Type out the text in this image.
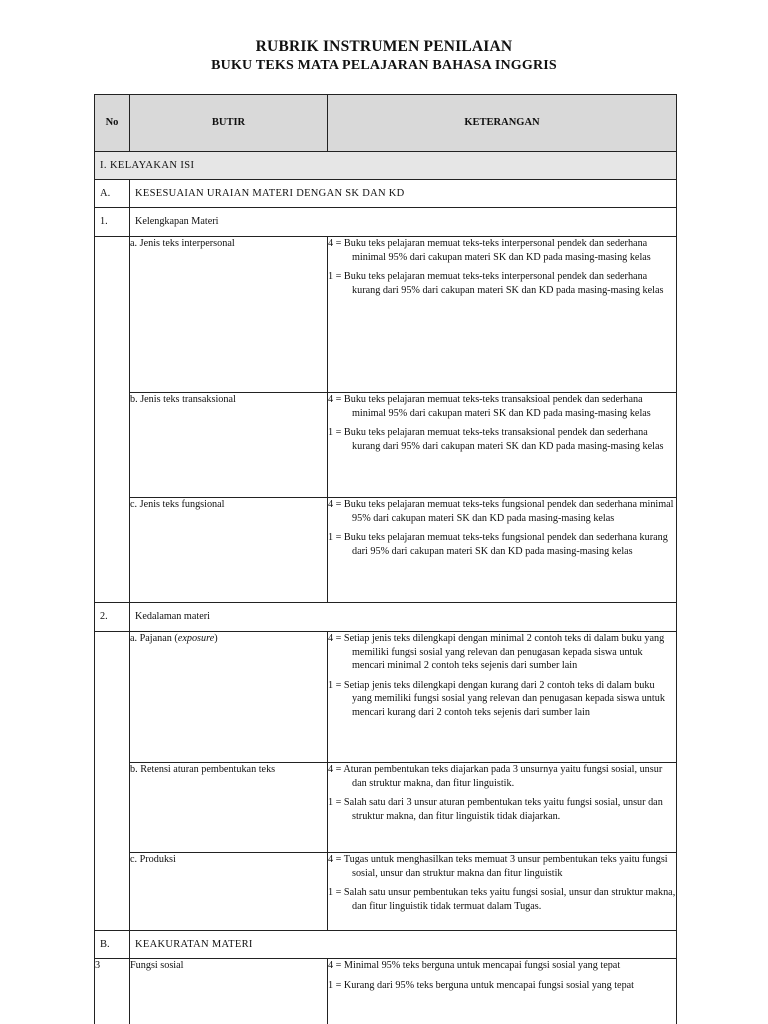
RUBRIK INSTRUMEN PENILAIAN
BUKU TEKS MATA PELAJARAN BAHASA INGGRIS
No	BUTIR	KETERANGAN
I. KELAYAKAN ISI		
A.	KESESUAIAN URAIAN MATERI DENGAN SK DAN KD	
1.	Kelengkapan Materi	
	a. Jenis teks interpersonal	4 = Buku teks pelajaran memuat teks-teks interpersonal pendek dan sederhana minimal 95% dari cakupan materi SK dan KD pada masing-masing kelas
1 = Buku teks pelajaran memuat teks-teks interpersonal pendek dan sederhana kurang dari 95% dari cakupan materi SK dan KD pada masing-masing kelas

	b. Jenis teks transaksional	4 = Buku teks pelajaran memuat teks-teks transaksioal pendek dan sederhana minimal 95% dari cakupan materi SK dan KD pada masing-masing kelas
1 = Buku teks pelajaran memuat teks-teks transaksional pendek dan sederhana kurang dari 95% dari cakupan materi SK dan KD pada masing-masing kelas

	c. Jenis teks fungsional	4 = Buku teks pelajaran memuat teks-teks fungsional pendek dan sederhana minimal 95% dari cakupan materi SK dan KD pada masing-masing kelas
1 = Buku teks pelajaran memuat teks-teks fungsional pendek dan sederhana kurang dari 95% dari cakupan materi SK dan KD pada masing-masing kelas

2.	Kedalaman materi	
	a. Pajanan (exposure)	4 = Setiap jenis teks dilengkapi dengan minimal 2 contoh teks di dalam buku yang memiliki fungsi sosial yang relevan dan penugasan kepada siswa untuk mencari minimal 2 contoh teks sejenis dari sumber lain
1 = Setiap jenis teks dilengkapi dengan kurang dari 2 contoh teks di dalam buku yang memiliki fungsi sosial yang relevan dan penugasan kepada siswa untuk mencari kurang dari 2 contoh teks sejenis dari sumber lain

	b. Retensi aturan pembentukan teks	4 = Aturan pembentukan teks diajarkan pada 3 unsurnya yaitu fungsi sosial, unsur dan struktur makna, dan fitur linguistik.
1 = Salah satu dari 3 unsur aturan pembentukan teks yaitu fungsi sosial, unsur dan struktur makna, dan fitur linguistik tidak diajarkan.

	c. Produksi	4 = Tugas untuk menghasilkan teks memuat 3 unsur pembentukan teks yaitu fungsi sosial, unsur dan struktur makna dan fitur linguistik
1 = Salah satu unsur pembentukan teks yaitu fungsi sosial, unsur dan struktur makna, dan fitur linguistik tidak termuat dalam Tugas.

B.	KEAKURATAN MATERI	
3	Fungsi sosial	4 = Minimal 95% teks berguna untuk mencapai fungsi sosial yang tepat
1 = Kurang dari 95% teks berguna untuk mencapai fungsi sosial yang tepat
